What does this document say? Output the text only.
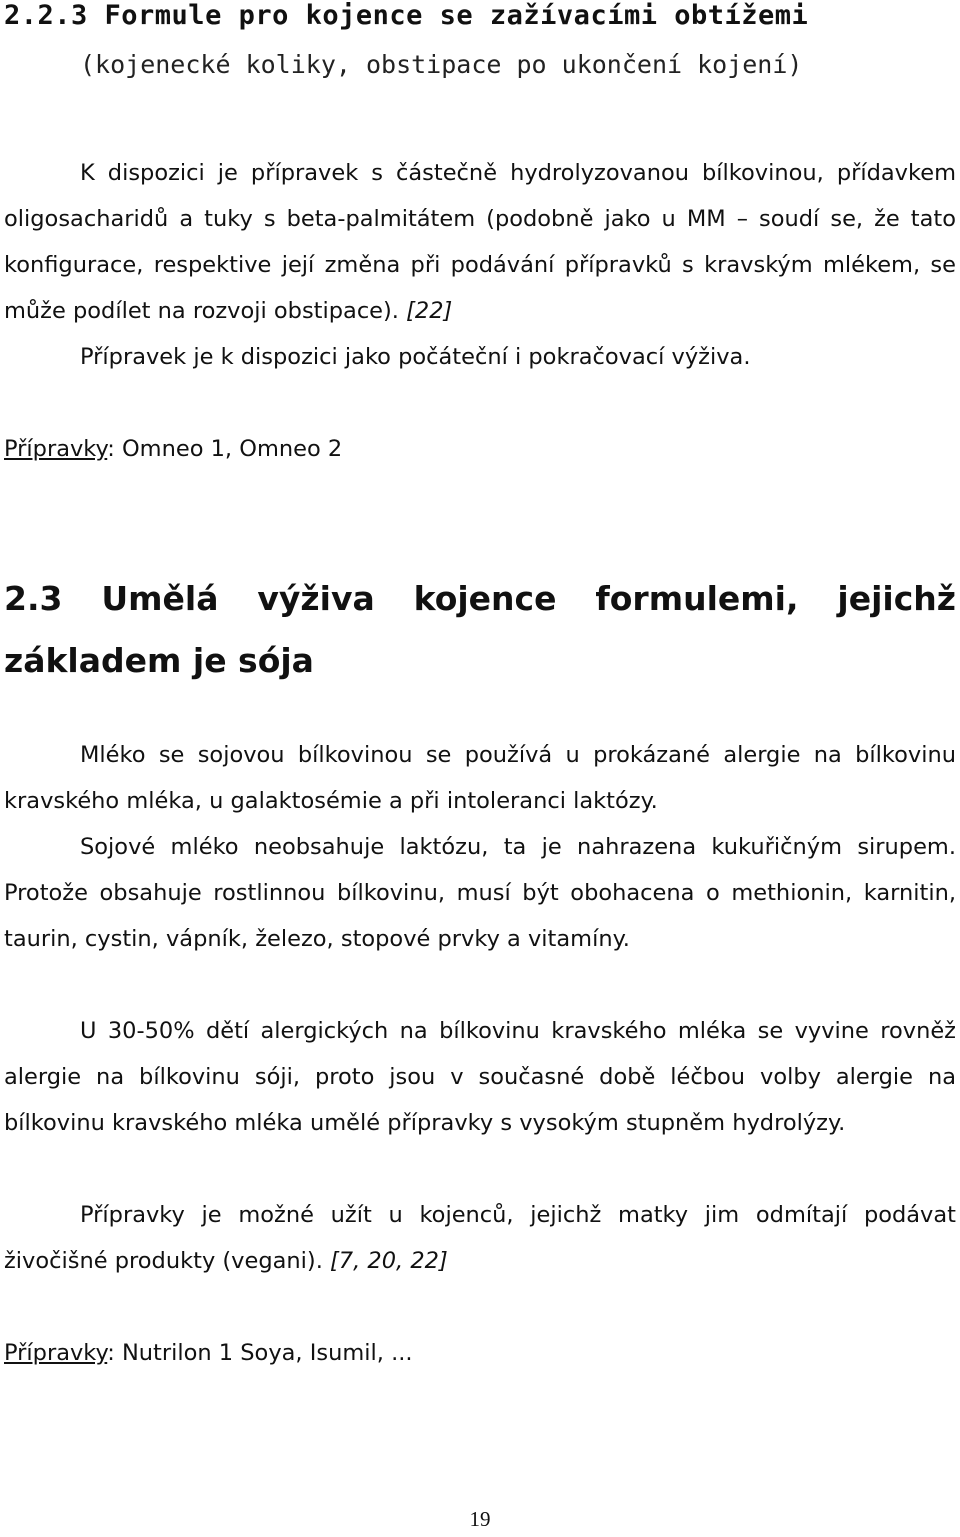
2.2.3 Formule pro kojence se zažívacími obtížemi
(kojenecké koliky, obstipace po ukončení kojení)

K dispozici je přípravek s částečně hydrolyzovanou bílkovinou, přídavkem oligosacharidů a tuky s beta-palmitátem (podobně jako u MM – soudí se, že tato konfigurace, respektive její změna při podávání přípravků s kravským mlékem, se může podílet na rozvoji obstipace). [22]

Přípravek je k dispozici jako počáteční i pokračovací výživa.
Přípravky: Omneo 1, Omneo 2
2.3 Umělá výživa kojence formulemi, jejichž základem je sója

Mléko se sojovou bílkovinou se používá u prokázané alergie na bílkovinu kravského mléka, u galaktosémie a při intoleranci laktózy.

Sojové mléko neobsahuje laktózu, ta je nahrazena kukuřičným sirupem. Protože obsahuje rostlinnou bílkovinu, musí být obohacena o methionin, karnitin, taurin, cystin, vápník, železo, stopové prvky a vitamíny.

U 30-50% dětí alergických na bílkovinu kravského mléka se vyvine rovněž alergie na bílkovinu sóji, proto jsou v současné době léčbou volby alergie na bílkovinu kravského mléka umělé přípravky s vysokým stupněm hydrolýzy.

Přípravky je možné užít u kojenců, jejichž matky jim odmítají podávat živočišné produkty (vegani). [7, 20, 22]

Přípravky: Nutrilon 1 Soya, Isumil, ...
19
